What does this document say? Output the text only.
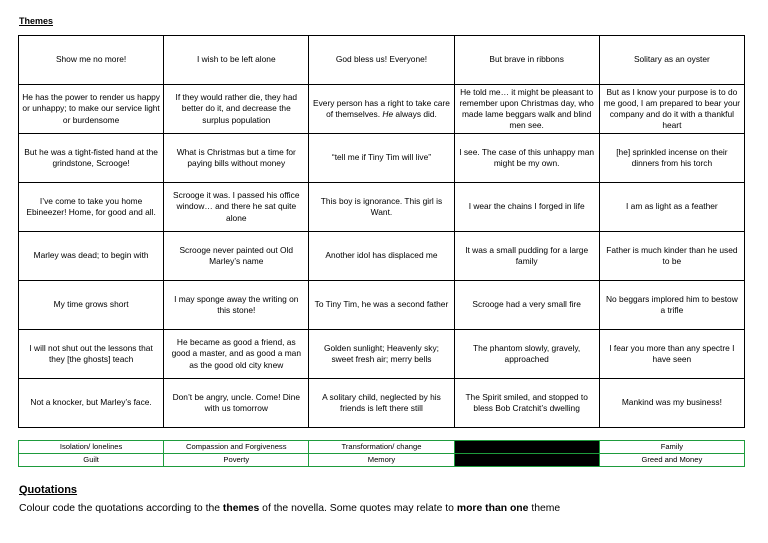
Themes
Show me no more!	I wish to be left alone	God bless us! Everyone!	But brave in ribbons	Solitary as an oyster
He has the power to render us happy or unhappy; to make our service light or burdensome	If they would rather die, they had better do it, and decrease the surplus population	Every person has a right to take care of themselves. He always did.	He told me… it might be pleasant to remember upon Christmas day, who made lame beggars walk and blind men see.	But as I know your purpose is to do me good, I am prepared to bear your company and do it with a thankful heart
But he was a tight-fisted hand at the grindstone, Scrooge!	What is Christmas but a time for paying bills without money	“tell me if Tiny Tim will live”	I see. The case of this unhappy man might be my own.	[he] sprinkled incense on their dinners from his torch
I’ve come to take you home Ebineezer! Home, for good and all.	Scrooge it was. I passed his office window… and there he sat quite alone	This boy is ignorance. This girl is Want.	I wear the chains I forged in life	I am as light as a feather
Marley was dead; to begin with	Scrooge never painted out Old Marley’s name	Another idol has displaced me	It was a small pudding for a large family	Father is much kinder than he used to be
My time grows short	I may sponge away the writing on this stone!	To Tiny Tim, he was a second father	Scrooge had a very small fire	No beggars implored him to bestow a trifle
I will not shut out the lessons that they [the ghosts] teach	He became as good a friend, as good a master, and as good a man as the good old city knew	Golden sunlight; Heavenly sky; sweet fresh air; merry bells	The phantom slowly, gravely, approached	I fear you more than any spectre I have seen
Not a knocker, but Marley’s face.	Don’t be angry, uncle. Come! Dine with us tomorrow	A solitary child, neglected by his friends is left there still	The Spirit smiled, and stopped to bless Bob Cratchit’s dwelling	Mankind was my business!
Isolation/ lonelines	Compassion and Forgiveness	Transformation/ change		Family
Guilt	Poverty	Memory		Greed and Money
Quotations
Colour code the quotations according to the themes of the novella. Some quotes may relate to more than one theme
